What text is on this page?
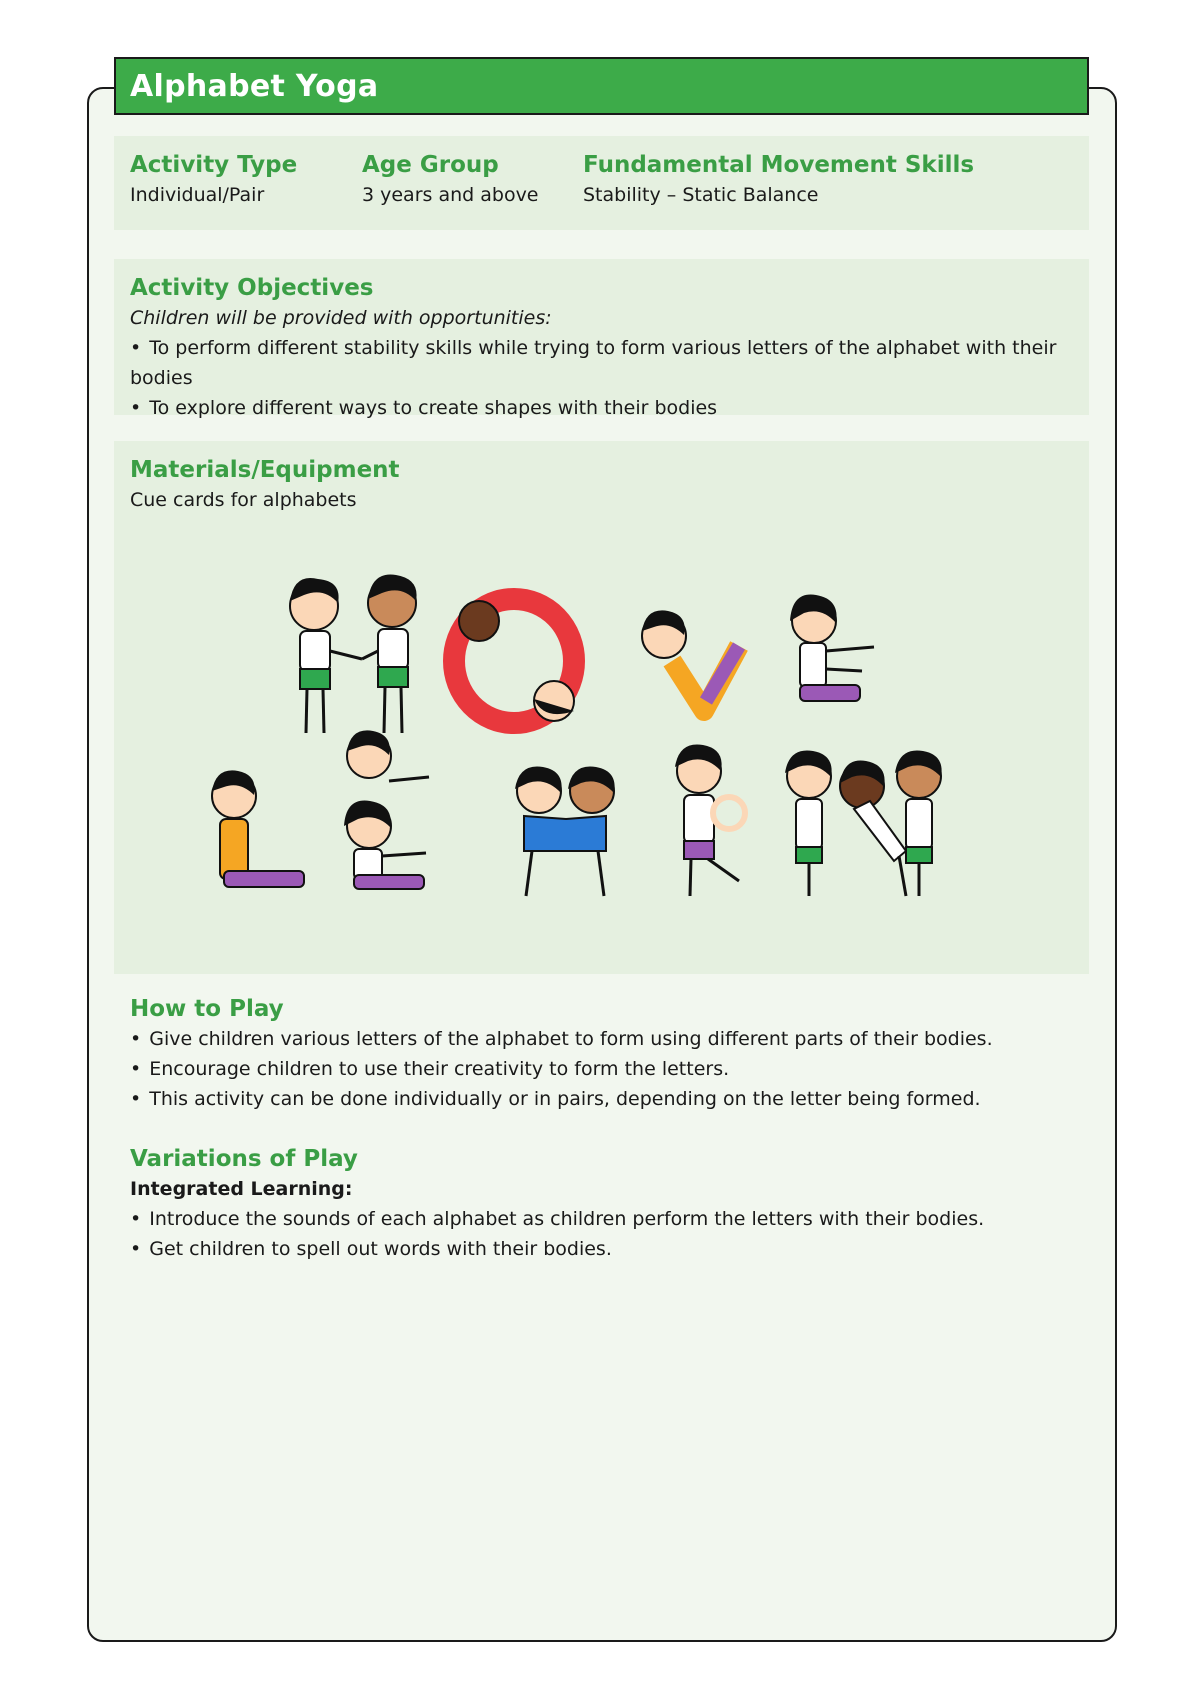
Alphabet Yoga

Activity Type

Individual/Pair

Age Group

3 years and above

Fundamental Movement Skills

Stability – Static Balance

Activity Objectives

Children will be provided with opportunities:

• To perform different stability skills while trying to form various letters of the alphabet with their bodies
• To explore different ways to create shapes with their bodies

Materials/Equipment

Cue cards for alphabets

How to Play

• Give children various letters of the alphabet to form using different parts of their bodies.
• Encourage children to use their creativity to form the letters.
• This activity can be done individually or in pairs, depending on the letter being formed.

Variations of Play

Integrated Learning:

• Introduce the sounds of each alphabet as children perform the letters with their bodies.
• Get children to spell out words with their bodies.
